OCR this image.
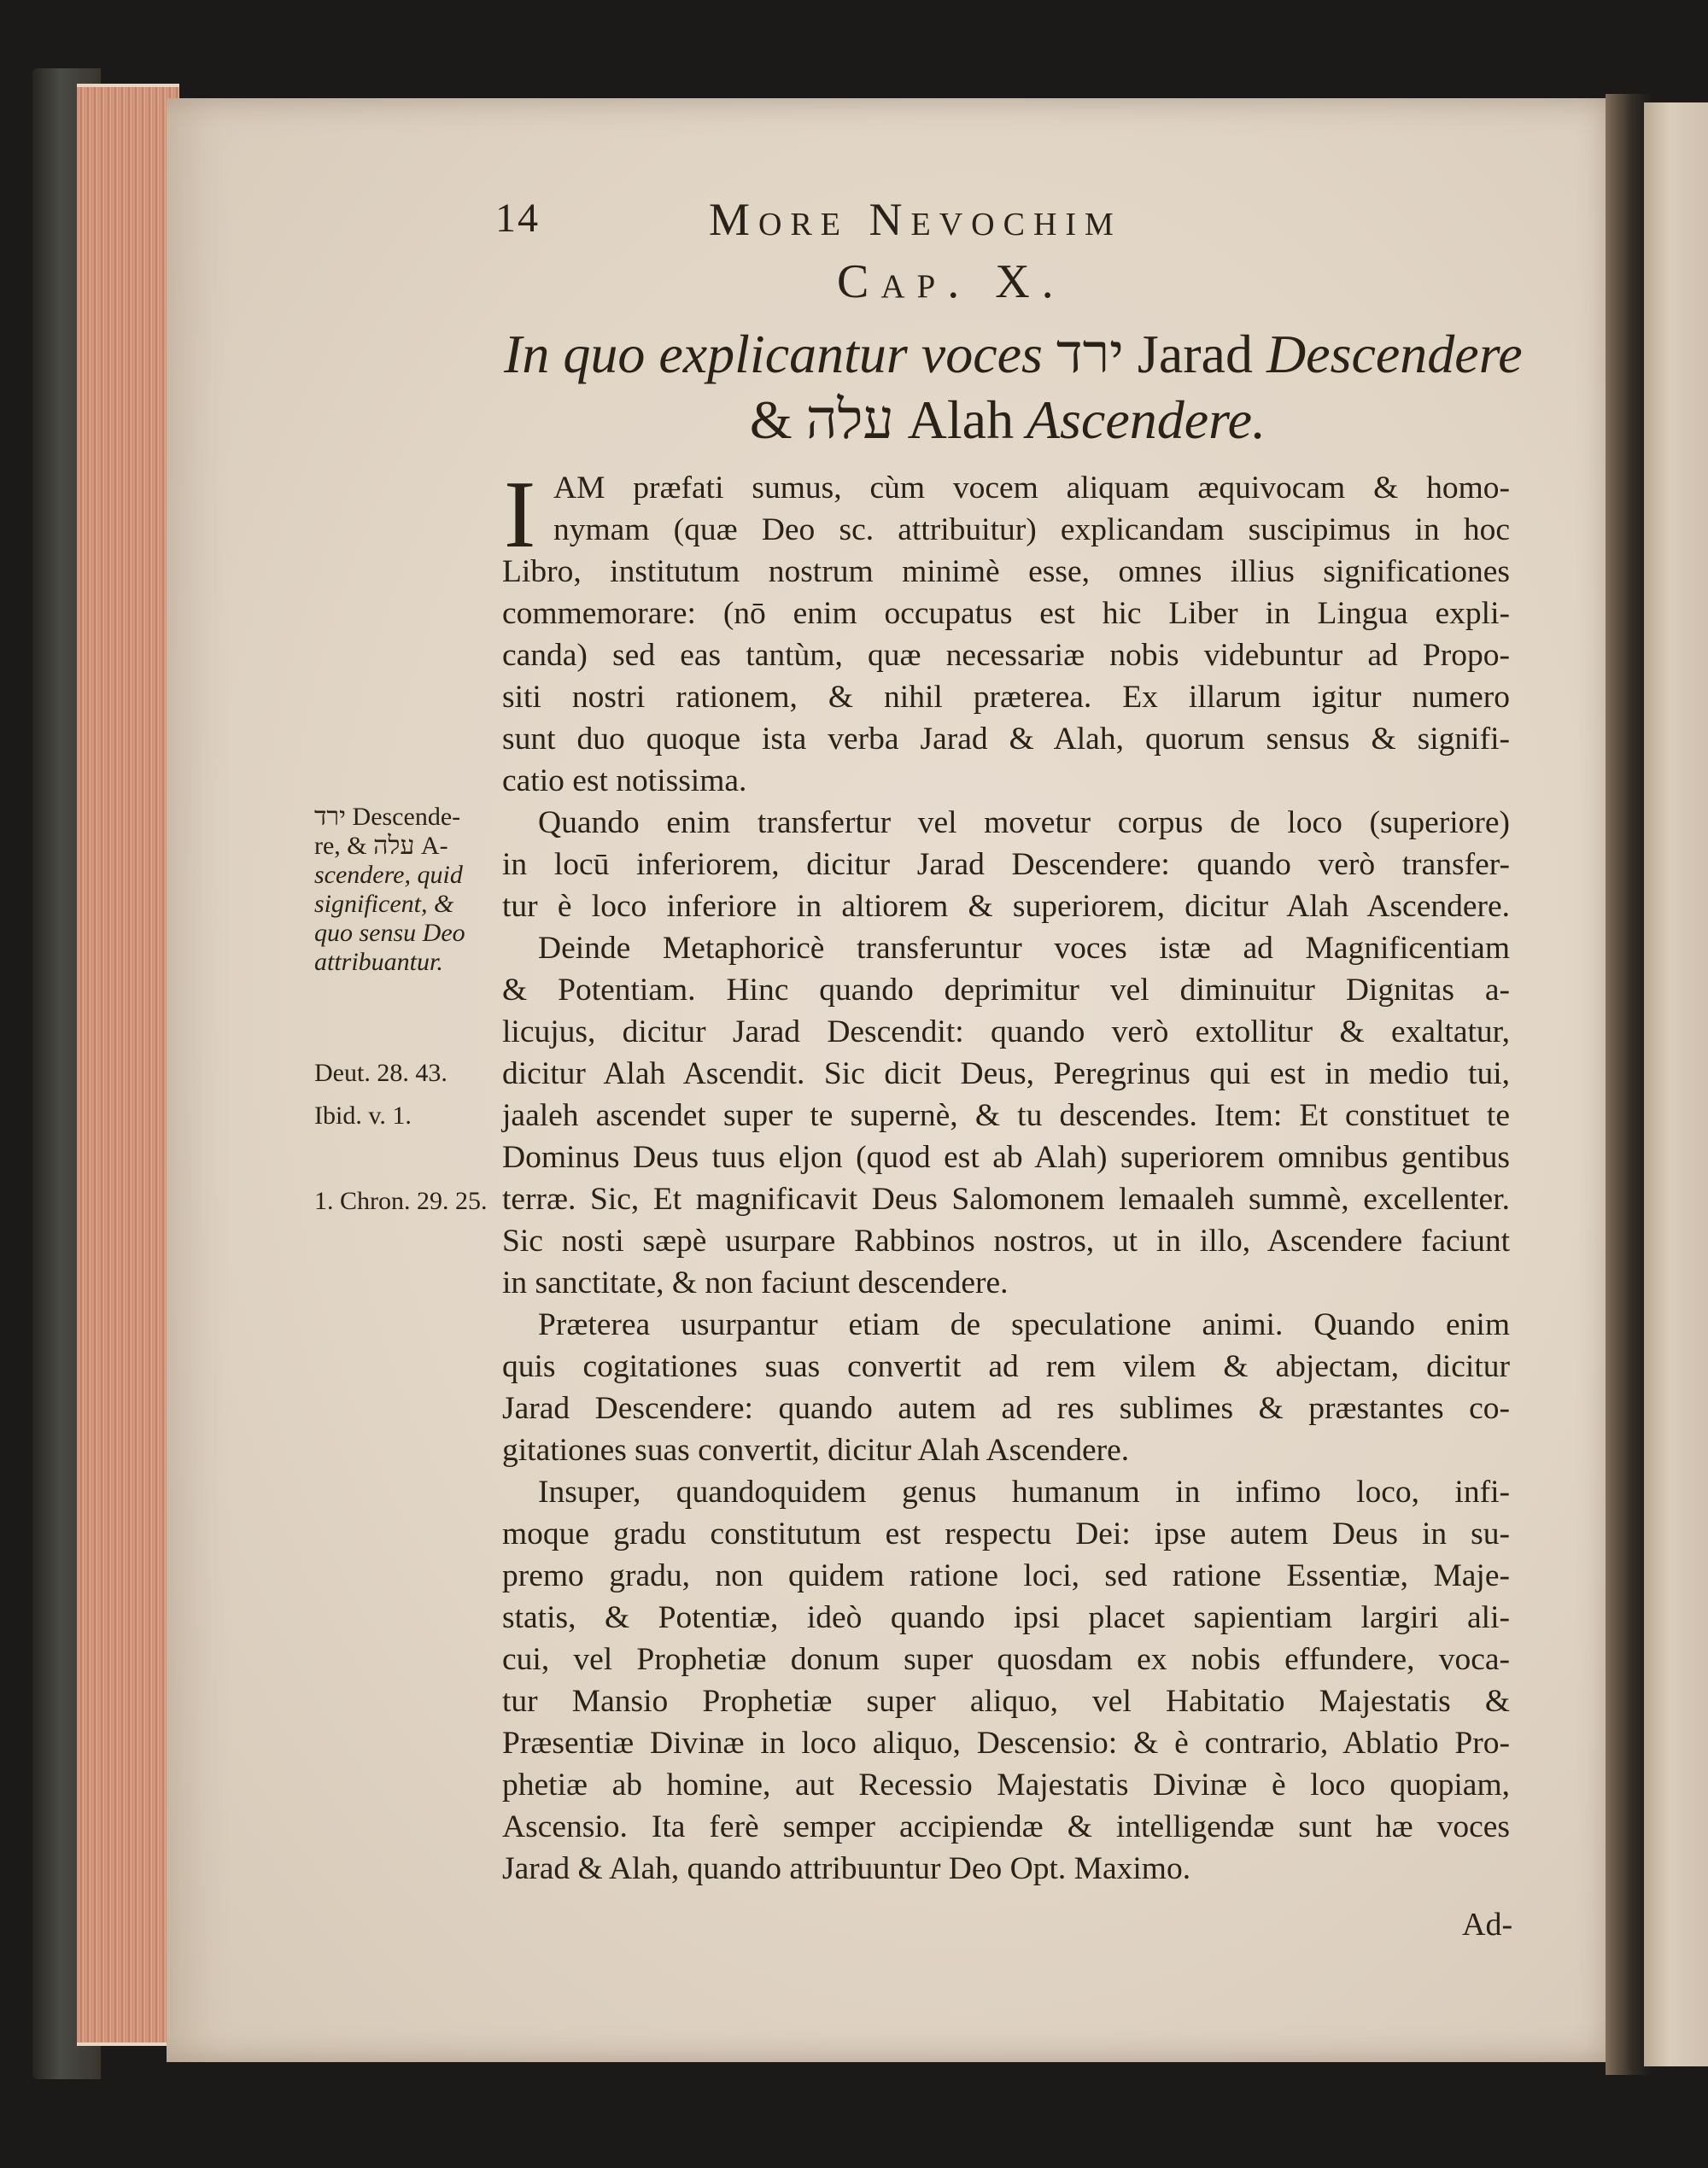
14	More Nevochim
Cap. X.
In quo explicantur voces ירד Jarad Descendere
& עלה Alah Ascendere.
I AM præfati sumus, cùm vocem aliquam æquivocam & homo-
nymam (quæ Deo sc. attribuitur) explicandam suscipimus in hoc
Libro, institutum nostrum minimè esse, omnes illius significationes
commemorare: (nō enim occupatus est hic Liber in Lingua expli-
canda) sed eas tantùm, quæ necessariæ nobis videbuntur ad Propo-
siti nostri rationem, & nihil præterea. Ex illarum igitur numero
sunt duo quoque ista verba Jarad & Alah, quorum sensus & signifi-
catio est notissima.
Quando enim transfertur vel movetur corpus de loco (superiore)
in locū inferiorem, dicitur Jarad Descendere: quando verò transfer-
tur è loco inferiore in altiorem & superiorem, dicitur Alah Ascendere.
Deinde Metaphoricè transferuntur voces istæ ad Magnificentiam
& Potentiam. Hinc quando deprimitur vel diminuitur Dignitas a-
licujus, dicitur Jarad Descendit: quando verò extollitur & exaltatur,
dicitur Alah Ascendit. Sic dicit Deus, Peregrinus qui est in medio tui,
jaaleh ascendet super te supernè, & tu descendes. Item: Et constituet te
Dominus Deus tuus eljon (quod est ab Alah) superiorem omnibus gentibus
terræ. Sic, Et magnificavit Deus Salomonem lemaaleh summè, excellenter.
Sic nosti sæpè usurpare Rabbinos nostros, ut in illo, Ascendere faciunt
in sanctitate, & non faciunt descendere.
Præterea usurpantur etiam de speculatione animi. Quando enim
quis cogitationes suas convertit ad rem vilem & abjectam, dicitur
Jarad Descendere: quando autem ad res sublimes & præstantes co-
gitationes suas convertit, dicitur Alah Ascendere.
Insuper, quandoquidem genus humanum in infimo loco, infi-
moque gradu constitutum est respectu Dei: ipse autem Deus in su-
premo gradu, non quidem ratione loci, sed ratione Essentiæ, Maje-
statis, & Potentiæ, ideò quando ipsi placet sapientiam largiri ali-
cui, vel Prophetiæ donum super quosdam ex nobis effundere, voca-
tur Mansio Prophetiæ super aliquo, vel Habitatio Majestatis &
Præsentiæ Divinæ in loco aliquo, Descensio: & è contrario, Ablatio Pro-
phetiæ ab homine, aut Recessio Majestatis Divinæ è loco quopiam,
Ascensio. Ita ferè semper accipiendæ & intelligendæ sunt hæ voces
Jarad & Alah, quando attribuuntur Deo Opt. Maximo.
Ad-
ירד Descende-
re, & עלה A-
scendere, quid
significent, &
quo sensu Deo
attribuantur.
Deut. 28. 43.
Ibid. v. 1.
1. Chron. 29. 25.
